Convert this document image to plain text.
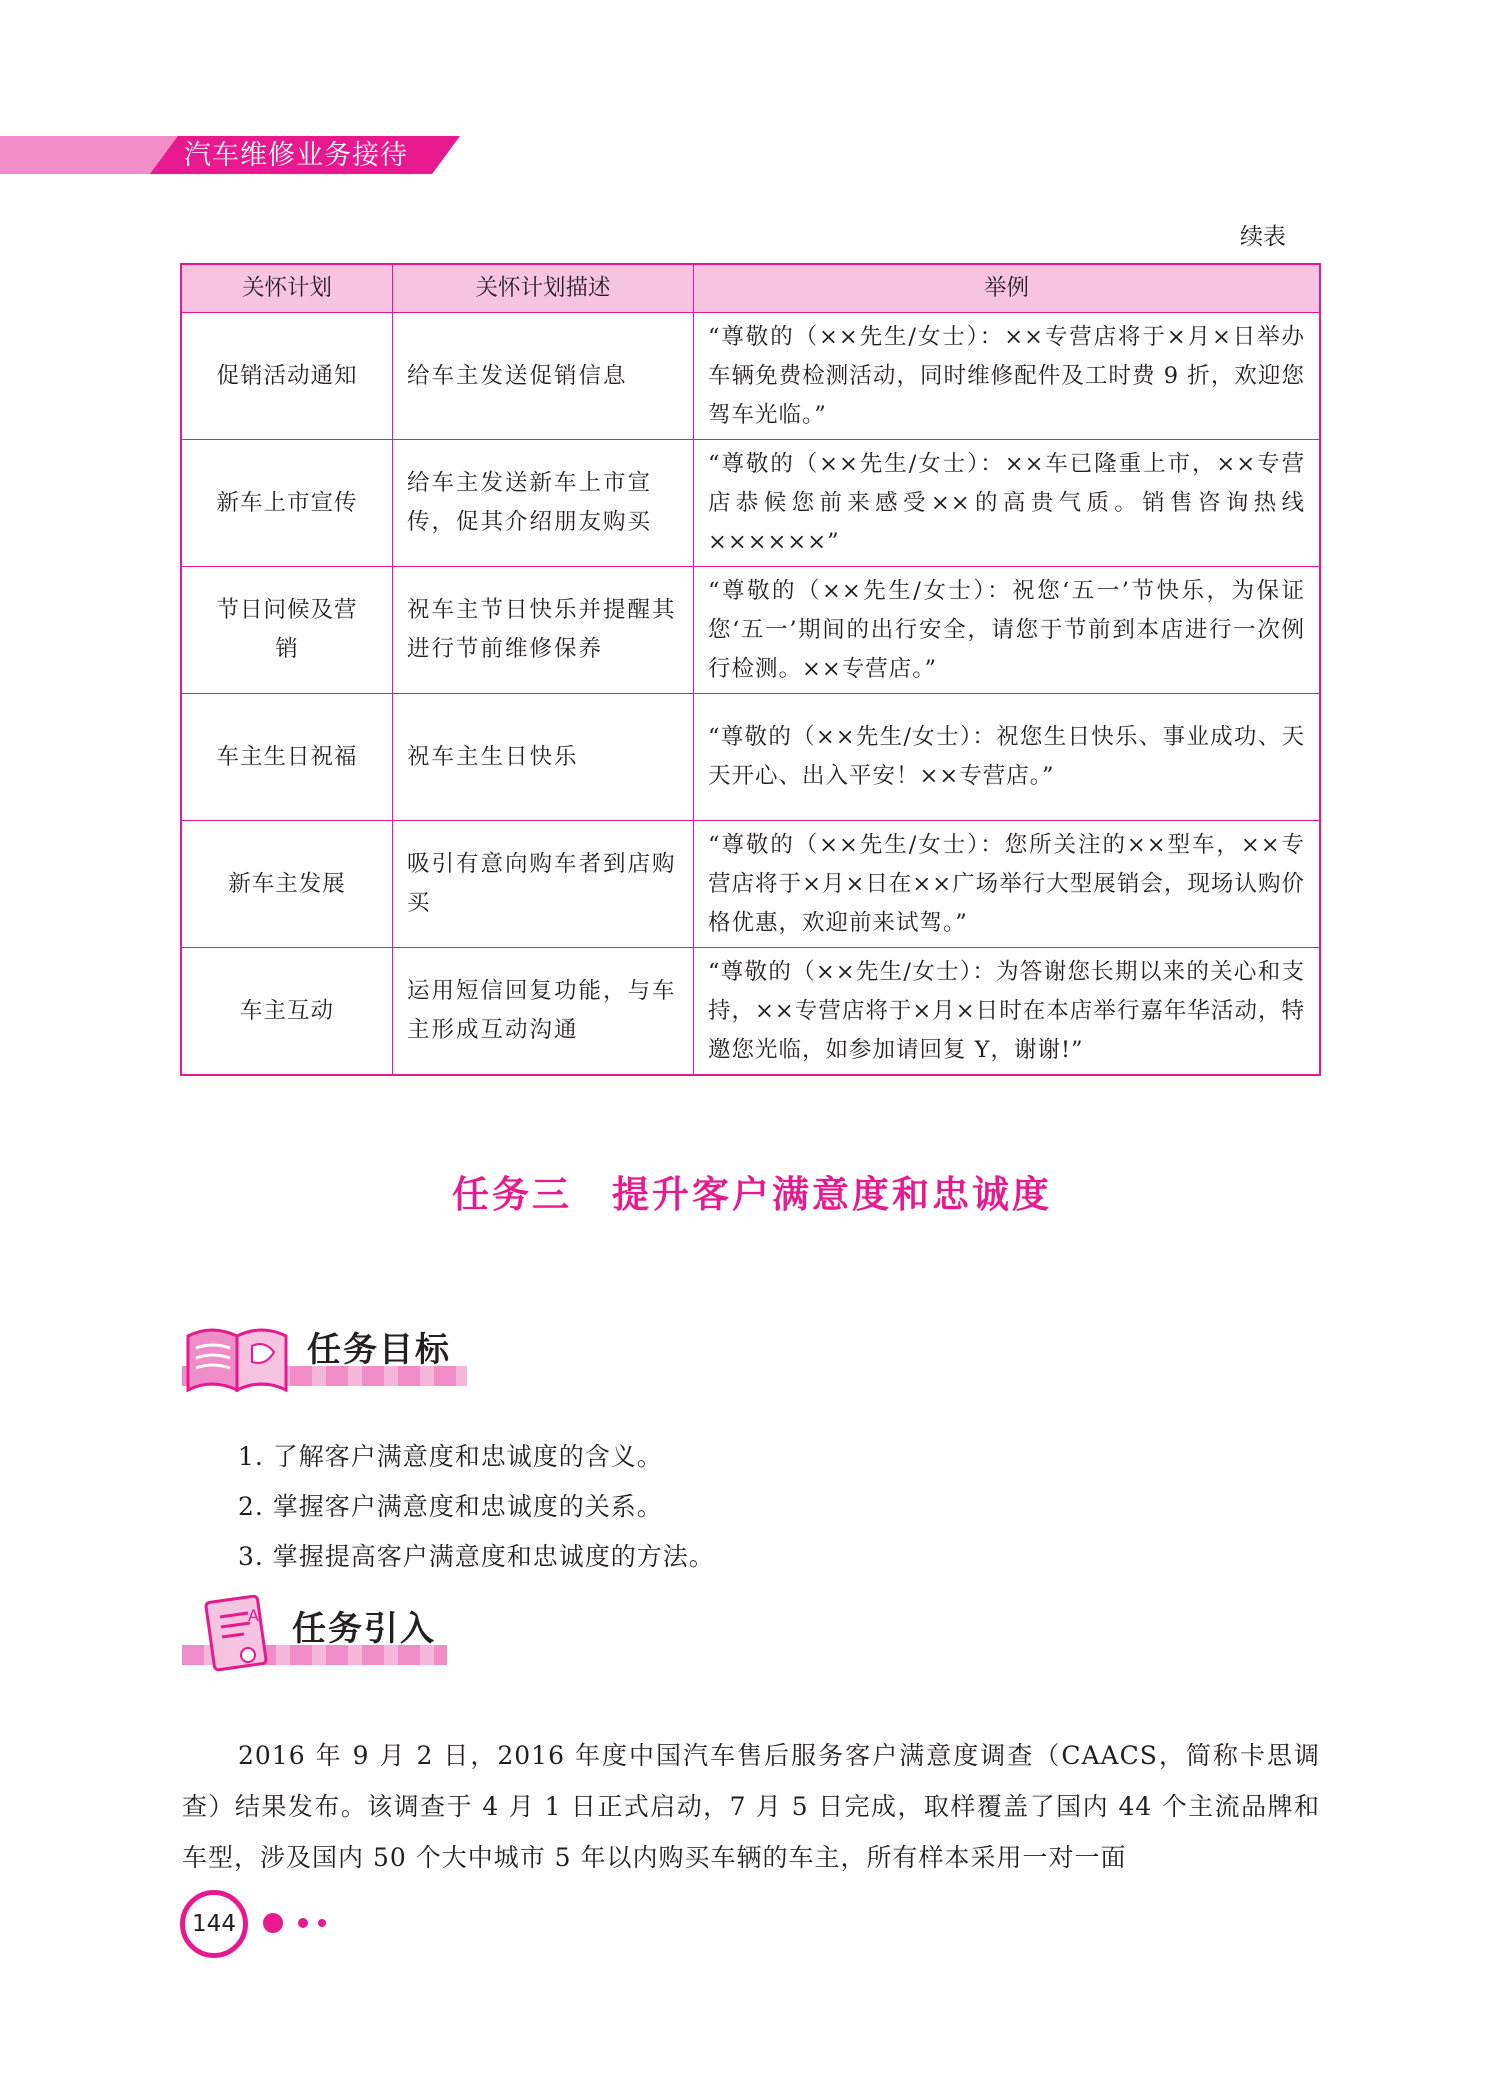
汽车维修业务接待
续表
关怀计划	关怀计划描述	举例
促销活动通知	给车主发送促销信息	“尊敬的（××先生/女士）：××专营店将于×月×日举办车辆免费检测活动，同时维修配件及工时费 9 折，欢迎您驾车光临。”
新车上市宣传	给车主发送新车上市宣传，促其介绍朋友购买	“尊敬的（××先生/女士）：××车已隆重上市，××专营店恭候您前来感受××的高贵气质。销售咨询热线××××××”
节日问候及营销	祝车主节日快乐并提醒其进行节前维修保养	“尊敬的（××先生/女士）：祝您‘五一’节快乐，为保证您‘五一’期间的出行安全，请您于节前到本店进行一次例行检测。××专营店。”
车主生日祝福	祝车主生日快乐	“尊敬的（××先生/女士）：祝您生日快乐、事业成功、天天开心、出入平安！××专营店。”
新车主发展	吸引有意向购车者到店购买	“尊敬的（××先生/女士）：您所关注的××型车，××专营店将于×月×日在××广场举行大型展销会，现场认购价格优惠，欢迎前来试驾。”
车主互动	运用短信回复功能，与车主形成互动沟通	“尊敬的（××先生/女士）：为答谢您长期以来的关心和支持，××专营店将于×月×日时在本店举行嘉年华活动，特邀您光临，如参加请回复 Y，谢谢!”
任务三　提升客户满意度和忠诚度
任务目标
1. 了解客户满意度和忠诚度的含义。
2. 掌握客户满意度和忠诚度的关系。
3. 掌握提高客户满意度和忠诚度的方法。
A 任务引入

2016 年 9 月 2 日，2016 年度中国汽车售后服务客户满意度调查（CAACS，简称卡思调查）结果发布。该调查于 4 月 1 日正式启动，7 月 5 日完成，取样覆盖了国内 44 个主流品牌和车型，涉及国内 50 个大中城市 5 年以内购买车辆的车主，所有样本采用一对一面

144
